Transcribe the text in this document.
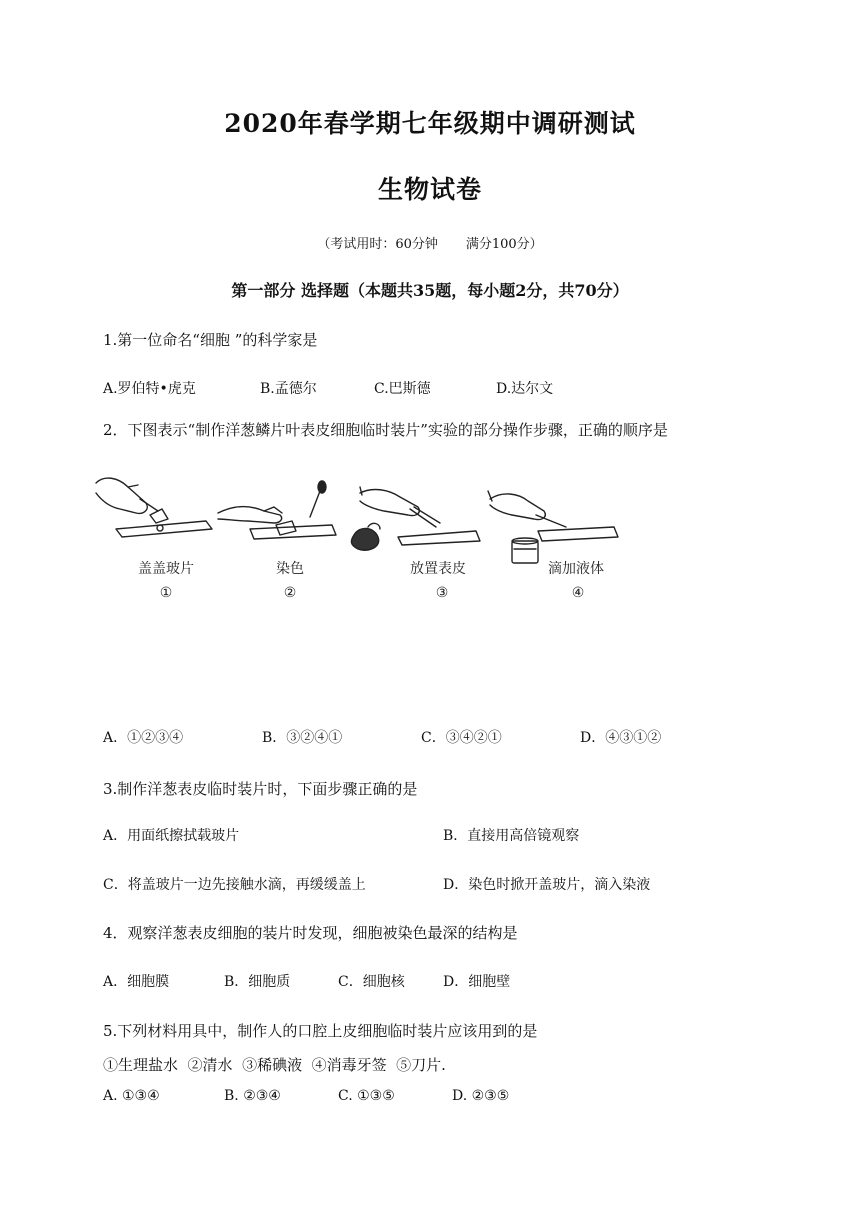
2020年春学期七年级期中调研测试
生物试卷
（考试用时：60分钟 满分100分）
第一部分 选择题（本题共35题，每小题2分，共70分）
1.第一位命名“细胞 ”的科学家是
A.罗伯特•虎克	B.孟德尔	C.巴斯德	D.达尔文
2．下图表示“制作洋葱鳞片叶表皮细胞临时装片”实验的部分操作步骤，正确的顺序是
盖盖玻片
①
染色
②
放置表皮
③
滴加液体
④
A．①②③④	B．③②④①	C．③④②①	D．④③①②
3.制作洋葱表皮临时装片时，下面步骤正确的是
A．用面纸擦拭载玻片	B．直接用高倍镜观察
C．将盖玻片一边先接触水滴，再缓缓盖上	D．染色时掀开盖玻片，滴入染液
4．观察洋葱表皮细胞的装片时发现，细胞被染色最深的结构是
A．细胞膜	B．细胞质	C．细胞核	D．细胞壁
5.下列材料用具中，制作人的口腔上皮细胞临时装片应该用到的是
①生理盐水  ②清水  ③稀碘液  ④消毒牙签  ⑤刀片.
A. ①③④	B. ②③④	C. ①③⑤	D. ②③⑤
